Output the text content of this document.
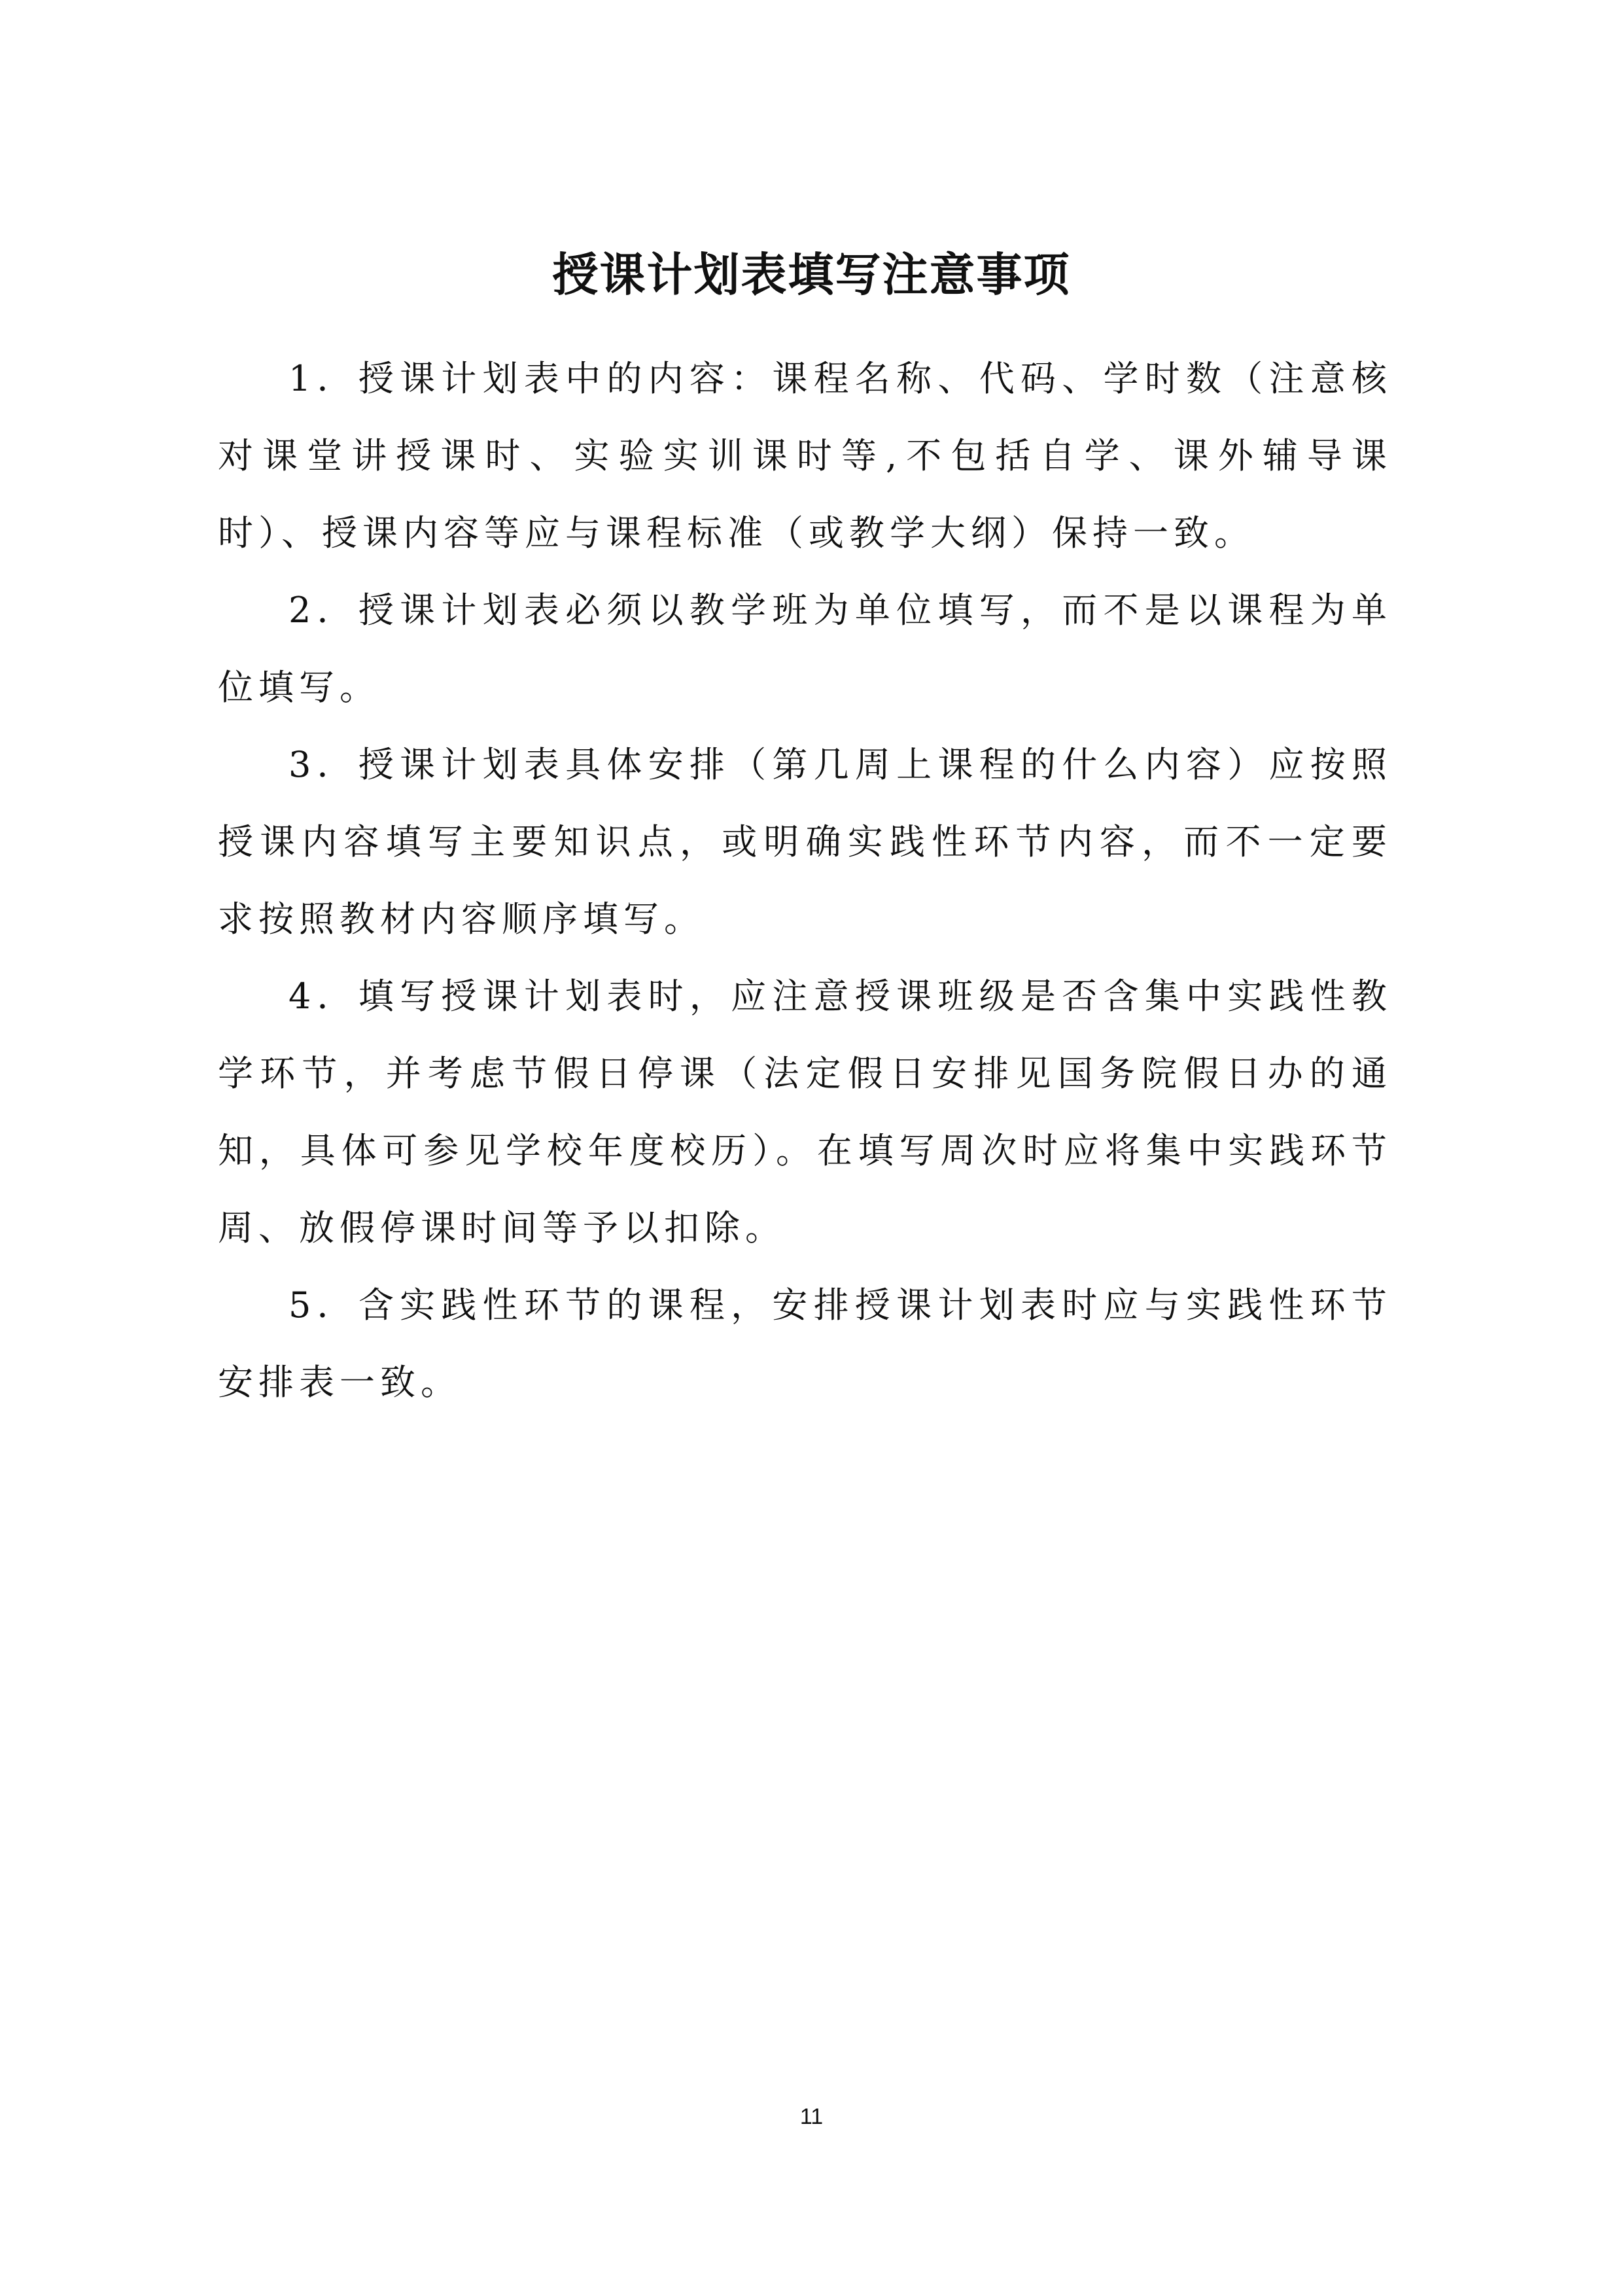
授课计划表填写注意事项

1．授课计划表中的内容：课程名称、代码、学时数（注意核对课堂讲授课时、实验实训课时等,不包括自学、课外辅导课时）、授课内容等应与课程标准（或教学大纲）保持一致。

2．授课计划表必须以教学班为单位填写，而不是以课程为单位填写。

3．授课计划表具体安排（第几周上课程的什么内容）应按照授课内容填写主要知识点，或明确实践性环节内容，而不一定要求按照教材内容顺序填写。

4．填写授课计划表时，应注意授课班级是否含集中实践性教学环节，并考虑节假日停课（法定假日安排见国务院假日办的通知，具体可参见学校年度校历）。在填写周次时应将集中实践环节周、放假停课时间等予以扣除。

5．含实践性环节的课程，安排授课计划表时应与实践性环节安排表一致。

11
